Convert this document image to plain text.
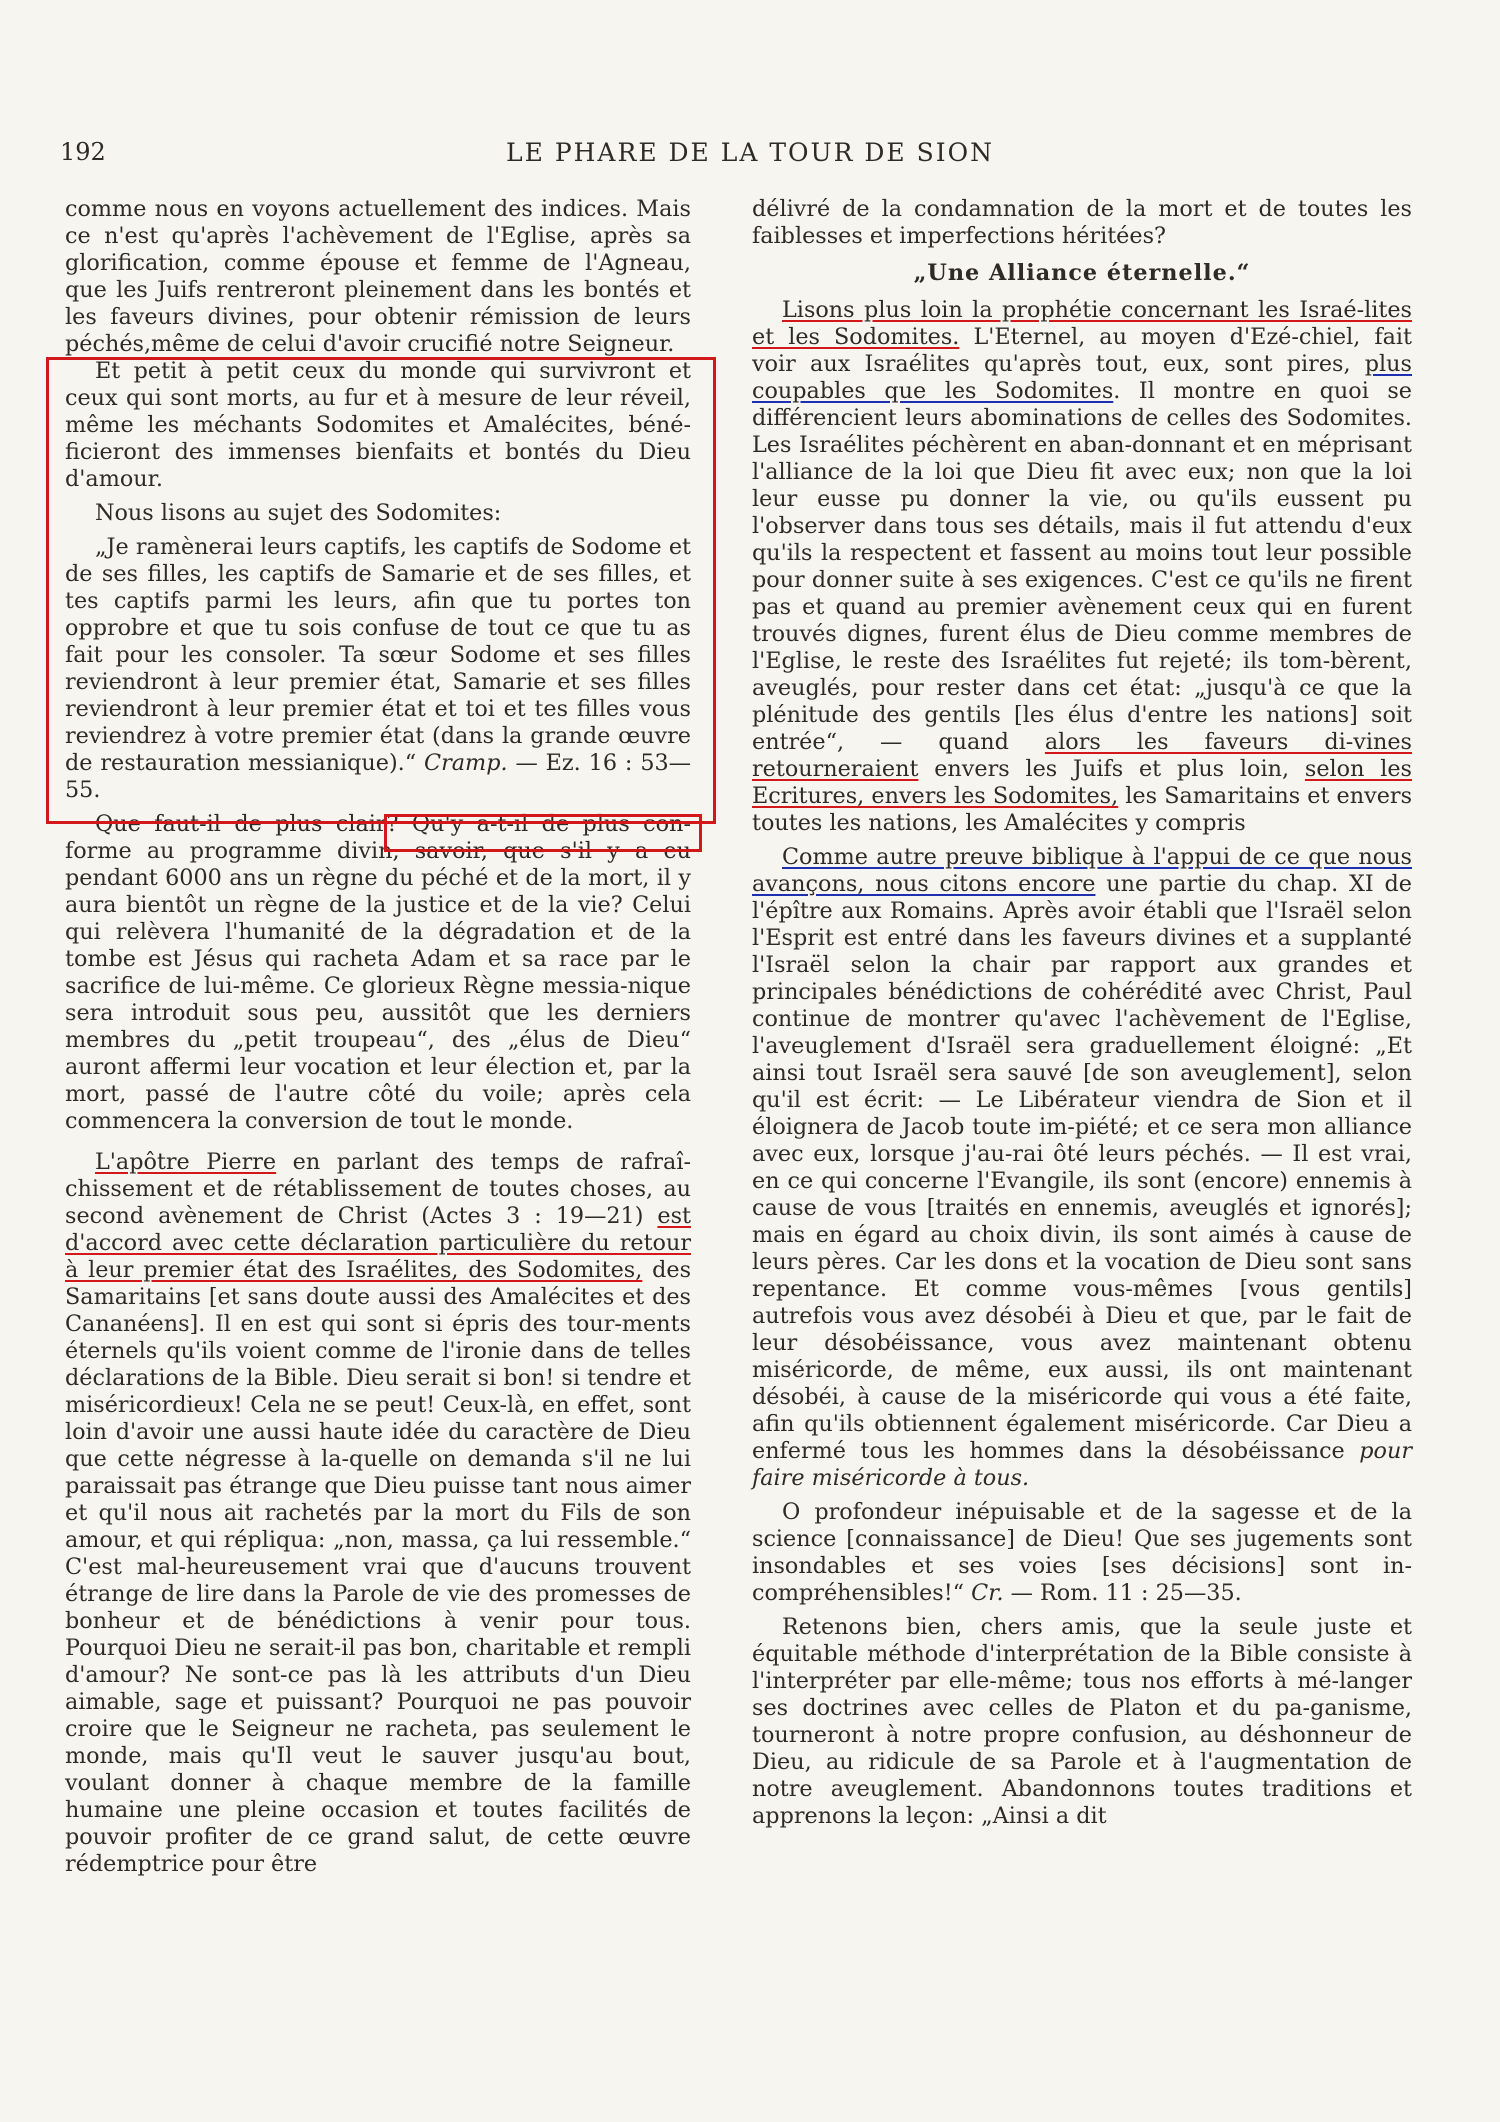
192	LE PHARE DE LA TOUR DE SION

comme nous en voyons actuellement des indices. Mais ce n'est qu'après l'achèvement de l'Eglise, après sa glorification, comme épouse et femme de l'Agneau, que les Juifs rentreront pleinement dans les bontés et les faveurs divines, pour obtenir rémission de leurs péchés,même de celui d'avoir crucifié notre Seigneur.

Et petit à petit ceux du monde qui survivront et ceux qui sont morts, au fur et à mesure de leur réveil, même les méchants Sodomites et Amalécites, béné-ficieront des immenses bienfaits et bontés du Dieu d'amour.

Nous lisons au sujet des Sodomites:

„Je ramènerai leurs captifs, les captifs de Sodome et de ses filles, les captifs de Samarie et de ses filles, et tes captifs parmi les leurs, afin que tu portes ton opprobre et que tu sois confuse de tout ce que tu as fait pour les consoler. Ta sœur Sodome et ses filles reviendront à leur premier état, Samarie et ses filles reviendront à leur premier état et toi et tes filles vous reviendrez à votre premier état (dans la grande œuvre de restauration messianique).“ Cramp. — Ez. 16 : 53—55.

Que faut-il de plus clair? Qu'y a-t-il de plus con-forme au programme divin, savoir, que s'il y a eu pendant 6000 ans un règne du péché et de la mort, il y aura bientôt un règne de la justice et de la vie? Celui qui relèvera l'humanité de la dégradation et de la tombe est Jésus qui racheta Adam et sa race par le sacrifice de lui-même. Ce glorieux Règne messia-nique sera introduit sous peu, aussitôt que les derniers membres du „petit troupeau“, des „élus de Dieu“ auront affermi leur vocation et leur élection et, par la mort, passé de l'autre côté du voile; après cela commencera la conversion de tout le monde.

L'apôtre Pierre en parlant des temps de rafraî-chissement et de rétablissement de toutes choses, au second avènement de Christ (Actes 3 : 19—21) est d'accord avec cette déclaration particulière du retour à leur premier état des Israélites, des Sodomites, des Samaritains [et sans doute aussi des Amalécites et des Cananéens]. Il en est qui sont si épris des tour-ments éternels qu'ils voient comme de l'ironie dans de telles déclarations de la Bible. Dieu serait si bon! si tendre et miséricordieux! Cela ne se peut! Ceux-là, en effet, sont loin d'avoir une aussi haute idée du caractère de Dieu que cette négresse à la-quelle on demanda s'il ne lui paraissait pas étrange que Dieu puisse tant nous aimer et qu'il nous ait rachetés par la mort du Fils de son amour, et qui répliqua: „non, massa, ça lui ressemble.“ C'est mal-heureusement vrai que d'aucuns trouvent étrange de lire dans la Parole de vie des promesses de bonheur et de bénédictions à venir pour tous. Pourquoi Dieu ne serait-il pas bon, charitable et rempli d'amour? Ne sont-ce pas là les attributs d'un Dieu aimable, sage et puissant? Pourquoi ne pas pouvoir croire que le Seigneur ne racheta, pas seulement le monde, mais qu'Il veut le sauver jusqu'au bout, voulant donner à chaque membre de la famille humaine une pleine occasion et toutes facilités de pouvoir profiter de ce grand salut, de cette œuvre rédemptrice pour être

délivré de la condamnation de la mort et de toutes les faiblesses et imperfections héritées?

„Une Alliance éternelle.“

Lisons plus loin la prophétie concernant les Israé-lites et les Sodomites. L'Eternel, au moyen d'Ezé-chiel, fait voir aux Israélites qu'après tout, eux, sont pires, plus coupables que les Sodomites. Il montre en quoi se différencient leurs abominations de celles des Sodomites. Les Israélites péchèrent en aban-donnant et en méprisant l'alliance de la loi que Dieu fit avec eux; non que la loi leur eusse pu donner la vie, ou qu'ils eussent pu l'observer dans tous ses détails, mais il fut attendu d'eux qu'ils la respectent et fassent au moins tout leur possible pour donner suite à ses exigences. C'est ce qu'ils ne firent pas et quand au premier avènement ceux qui en furent trouvés dignes, furent élus de Dieu comme membres de l'Eglise, le reste des Israélites fut rejeté; ils tom-bèrent, aveuglés, pour rester dans cet état: „jusqu'à ce que la plénitude des gentils [les élus d'entre les nations] soit entrée“, — quand alors les faveurs di-vines retourneraient envers les Juifs et plus loin, selon les Ecritures, envers les Sodomites, les Samaritains et envers toutes les nations, les Amalécites y compris

Comme autre preuve biblique à l'appui de ce que nous avançons, nous citons encore une partie du chap. XI de l'épître aux Romains. Après avoir établi que l'Israël selon l'Esprit est entré dans les faveurs divines et a supplanté l'Israël selon la chair par rapport aux grandes et principales bénédictions de cohérédité avec Christ, Paul continue de montrer qu'avec l'achèvement de l'Eglise, l'aveuglement d'Israël sera graduellement éloigné: „Et ainsi tout Israël sera sauvé [de son aveuglement], selon qu'il est écrit: — Le Libérateur viendra de Sion et il éloignera de Jacob toute im-piété; et ce sera mon alliance avec eux, lorsque j'au-rai ôté leurs péchés. — Il est vrai, en ce qui concerne l'Evangile, ils sont (encore) ennemis à cause de vous [traités en ennemis, aveuglés et ignorés]; mais en égard au choix divin, ils sont aimés à cause de leurs pères. Car les dons et la vocation de Dieu sont sans repentance. Et comme vous-mêmes [vous gentils] autrefois vous avez désobéi à Dieu et que, par le fait de leur désobéissance, vous avez maintenant obtenu miséricorde, de même, eux aussi, ils ont maintenant désobéi, à cause de la miséricorde qui vous a été faite, afin qu'ils obtiennent également miséricorde. Car Dieu a enfermé tous les hommes dans la désobéissance pour faire miséricorde à tous.

O profondeur inépuisable et de la sagesse et de la science [connaissance] de Dieu! Que ses jugements sont insondables et ses voies [ses décisions] sont in-compréhensibles!“ Cr. — Rom. 11 : 25—35.

Retenons bien, chers amis, que la seule juste et équitable méthode d'interprétation de la Bible consiste à l'interpréter par elle-même; tous nos efforts à mé-langer ses doctrines avec celles de Platon et du pa-ganisme, tourneront à notre propre confusion, au déshonneur de Dieu, au ridicule de sa Parole et à l'augmentation de notre aveuglement. Abandonnons toutes traditions et apprenons la leçon: „Ainsi a dit
